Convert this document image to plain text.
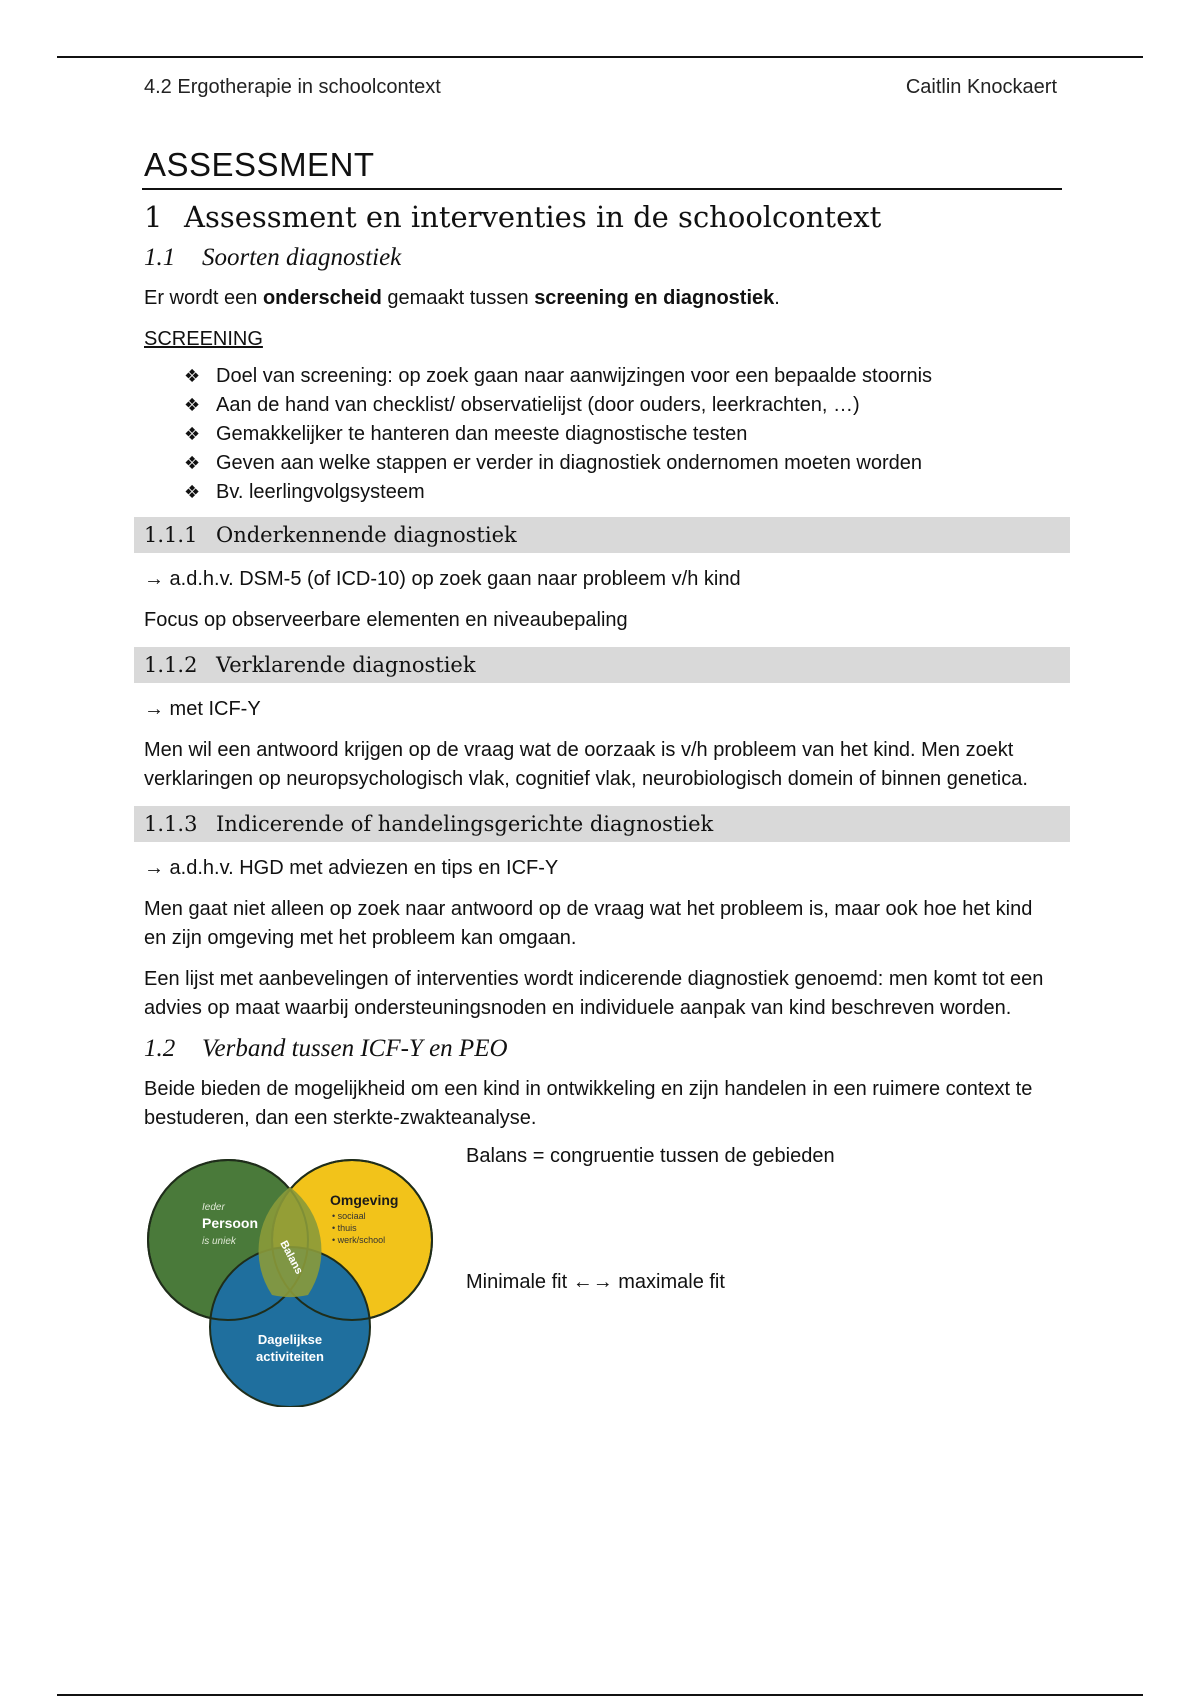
4.2 Ergotherapie in schoolcontext	Caitlin Knockaert
ASSESSMENT
1 Assessment en interventies in de schoolcontext
1.1 Soorten diagnostiek

Er wordt een onderscheid gemaakt tussen screening en diagnostiek.

SCREENING

❖ Doel van screening: op zoek gaan naar aanwijzingen voor een bepaalde stoornis
❖ Aan de hand van checklist/ observatielijst (door ouders, leerkrachten, …)
❖ Gemakkelijker te hanteren dan meeste diagnostische testen
❖ Geven aan welke stappen er verder in diagnostiek ondernomen moeten worden
❖ Bv. leerlingvolgsysteem
1.1.1 Onderkennende diagnostiek

→ a.d.h.v. DSM-5 (of ICD-10) op zoek gaan naar probleem v/h kind

Focus op observeerbare elementen en niveaubepaling

1.1.2 Verklarende diagnostiek

→ met ICF-Y

Men wil een antwoord krijgen op de vraag wat de oorzaak is v/h probleem van het kind. Men zoekt verklaringen op neuropsychologisch vlak, cognitief vlak, neurobiologisch domein of binnen genetica.

1.1.3 Indicerende of handelingsgerichte diagnostiek

→ a.d.h.v. HGD met adviezen en tips en ICF-Y

Men gaat niet alleen op zoek naar antwoord op de vraag wat het probleem is, maar ook hoe het kind en zijn omgeving met het probleem kan omgaan.

Een lijst met aanbevelingen of interventies wordt indicerende diagnostiek genoemd: men komt tot een advies op maat waarbij ondersteuningsnoden en individuele aanpak van kind beschreven worden.

1.2 Verband tussen ICF-Y en PEO

Beide bieden de mogelijkheid om een kind in ontwikkeling en zijn handelen in een ruimere context te bestuderen, dan een sterkte-zwakteanalyse.

Ieder
Persoon
is uniek
Omgeving
• sociaal
• thuis
• werk/school
Balans
Dagelijkse
activiteiten
Balans = congruentie tussen de gebieden
Minimale fit ←→ maximale fit
